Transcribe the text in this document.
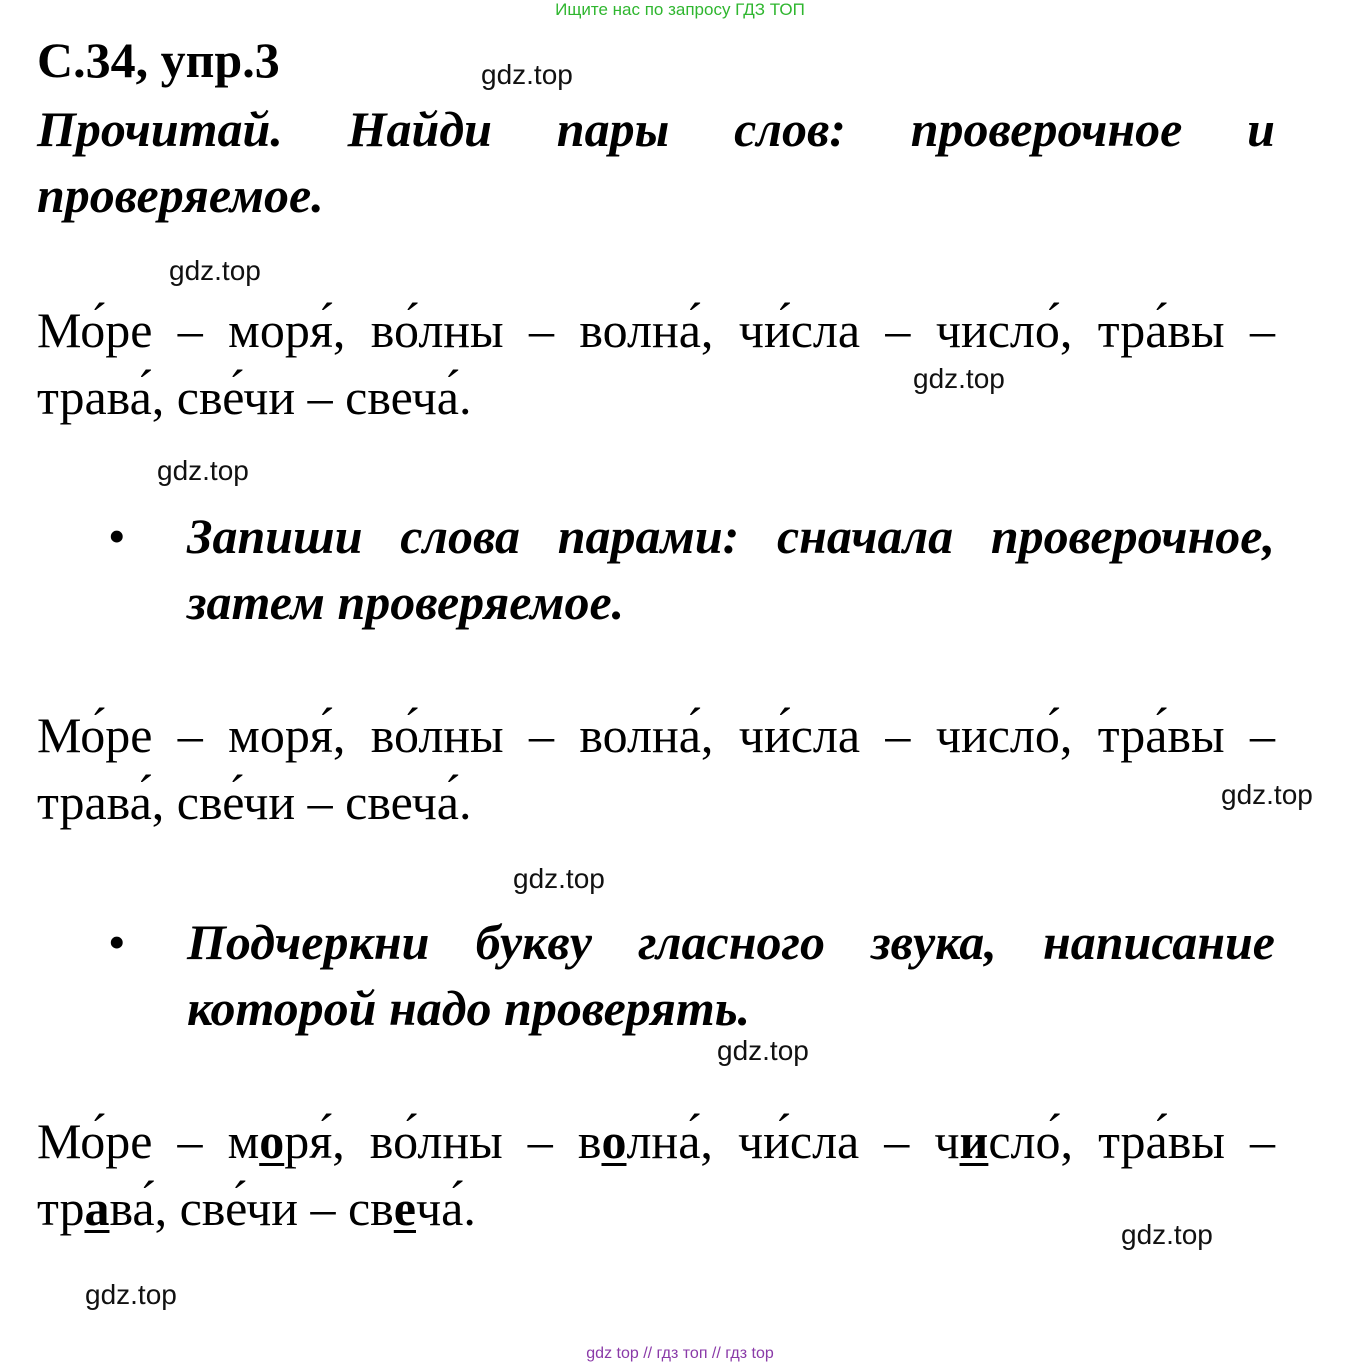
Ищите нас по запросу ГДЗ ТОП
С.34, упр.3
Прочитай. Найди пары слов: проверочное и проверяемое.
Мо́ре – моря́, во́лны – волна́, чи́сла – число́, тра́вы – трава́, све́чи – свеча́.
• Запиши слова парами: сначала проверочное, затем проверяемое.
Мо́ре – моря́, во́лны – волна́, чи́сла – число́, тра́вы – трава́, све́чи – свеча́.
• Подчеркни букву гласного звука, написание которой надо проверять.
Мо́ре – моря́, во́лны – волна́, чи́сла – число́, тра́вы – трава́, све́чи – свеча́.
gdz.top
gdz.top
gdz.top
gdz.top
gdz.top
gdz.top
gdz.top
gdz.top
gdz.top
gdz top // гдз топ // гдз top
